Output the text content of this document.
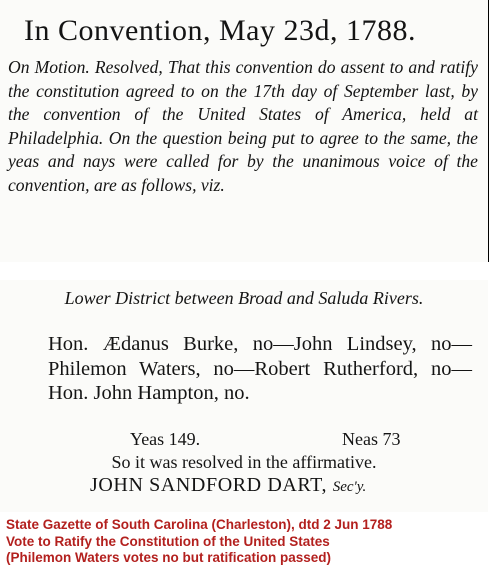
In Convention, May 23d, 1788.
On Motion. Resolved, That this convention do assent to and ratify the constitution agreed to on the 17th day of September last, by the convention of the United States of America, held at Philadelphia. On the question being put to agree to the same, the yeas and nays were called for by the unanimous voice of the convention, are as follows, viz.
Lower District between Broad and Saluda Rivers.
Hon. Ædanus Burke, no—John Lindsey, no—Philemon Waters, no—Robert Rutherford, no—Hon. John Hampton, no.
Yeas 149.	Neas 73
So it was resolved in the affirmative.
JOHN SANDFORD DART, Sec'y.
State Gazette of South Carolina (Charleston), dtd 2 Jun 1788
Vote to Ratify the Constitution of the United States
(Philemon Waters votes no but ratification passed)
